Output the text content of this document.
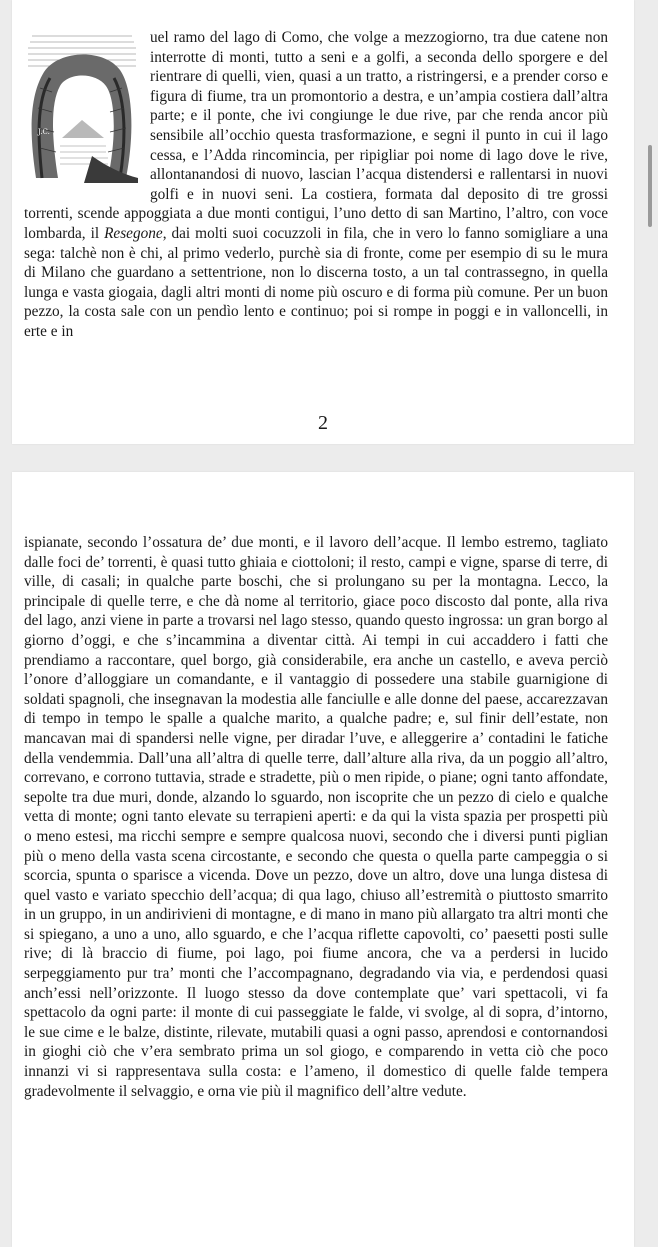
J.C.
uel ramo del lago di Como, che volge a mezzogiorno, tra due catene non interrotte di monti, tutto a seni e a golfi, a seconda dello sporgere e del rientrare di quelli, vien, quasi a un tratto, a ristringersi, e a prender corso e figura di fiume, tra un promontorio a destra, e un’ampia costiera dall’altra parte; e il ponte, che ivi congiunge le due rive, par che renda ancor più sensibile all’occhio questa trasformazione, e segni il punto in cui il lago cessa, e l’Adda rincomincia, per ripigliar poi nome di lago dove le rive, allontanandosi di nuovo, lascian l’acqua distendersi e rallentarsi in nuovi golfi e in nuovi seni. La costiera, formata dal deposito di tre grossi torrenti, scende appoggiata a due monti contigui, l’uno detto di san Martino, l’altro, con voce lombarda, il Resegone, dai molti suoi cocuzzoli in fila, che in vero lo fanno somigliare a una sega: talchè non è chi, al primo vederlo, purchè sia di fronte, come per esempio di su le mura di Milano che guardano a settentrione, non lo discerna tosto, a un tal contrassegno, in quella lunga e vasta giogaia, dagli altri monti di nome più oscuro e di forma più comune. Per un buon pezzo, la costa sale con un pendìo lento e continuo; poi si rompe in poggi e in valloncelli, in erte e in

2

ispianate, secondo l’ossatura de’ due monti, e il lavoro dell’acque. Il lembo estremo, tagliato dalle foci de’ torrenti, è quasi tutto ghiaia e ciottoloni; il resto, campi e vigne, sparse di terre, di ville, di casali; in qualche parte boschi, che si prolungano su per la montagna. Lecco, la principale di quelle terre, e che dà nome al territorio, giace poco discosto dal ponte, alla riva del lago, anzi viene in parte a trovarsi nel lago stesso, quando questo ingrossa: un gran borgo al giorno d’oggi, e che s’incammina a diventar città. Ai tempi in cui accaddero i fatti che prendiamo a raccontare, quel borgo, già considerabile, era anche un castello, e aveva perciò l’onore d’alloggiare un comandante, e il vantaggio di possedere una stabile guarnigione di soldati spagnoli, che insegnavan la modestia alle fanciulle e alle donne del paese, accarezzavan di tempo in tempo le spalle a qualche marito, a qualche padre; e, sul finir dell’estate, non mancavan mai di spandersi nelle vigne, per diradar l’uve, e alleggerire a’ contadini le fatiche della vendemmia. Dall’una all’altra di quelle terre, dall’alture alla riva, da un poggio all’altro, correvano, e corrono tuttavia, strade e stradette, più o men ripide, o piane; ogni tanto affondate, sepolte tra due muri, donde, alzando lo sguardo, non iscoprite che un pezzo di cielo e qualche vetta di monte; ogni tanto elevate su terrapieni aperti: e da qui la vista spazia per prospetti più o meno estesi, ma ricchi sempre e sempre qualcosa nuovi, secondo che i diversi punti piglian più o meno della vasta scena circostante, e secondo che questa o quella parte campeggia o si scorcia, spunta o sparisce a vicenda. Dove un pezzo, dove un altro, dove una lunga distesa di quel vasto e variato specchio dell’acqua; di qua lago, chiuso all’estremità o piuttosto smarrito in un gruppo, in un andirivieni di montagne, e di mano in mano più allargato tra altri monti che si spiegano, a uno a uno, allo sguardo, e che l’acqua riflette capovolti, co’ paesetti posti sulle rive; di là braccio di fiume, poi lago, poi fiume ancora, che va a perdersi in lucido serpeggiamento pur tra’ monti che l’accompagnano, degradando via via, e perdendosi quasi anch’essi nell’orizzonte. Il luogo stesso da dove contemplate que’ vari spettacoli, vi fa spettacolo da ogni parte: il monte di cui passeggiate le falde, vi svolge, al di sopra, d’intorno, le sue cime e le balze, distinte, rilevate, mutabili quasi a ogni passo, aprendosi e contornandosi in gioghi ciò che v’era sembrato prima un sol giogo, e comparendo in vetta ciò che poco innanzi vi si rappresentava sulla costa: e l’ameno, il domestico di quelle falde tempera gradevolmente il selvaggio, e orna vie più il magnifico dell’altre vedute.
